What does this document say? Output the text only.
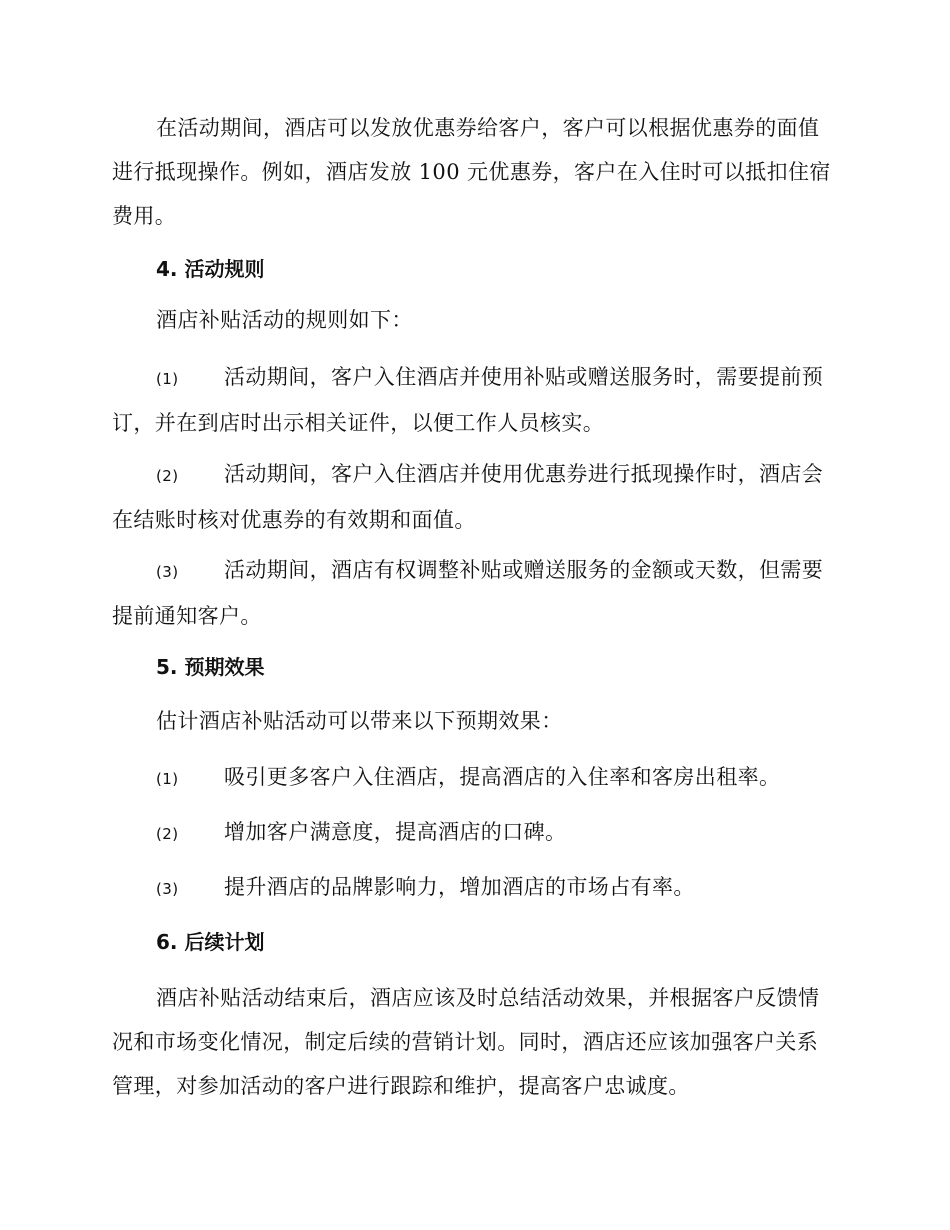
在活动期间，酒店可以发放优惠券给客户，客户可以根据优惠券的面值
进行抵现操作。例如，酒店发放 100 元优惠券，客户在入住时可以抵扣住宿
费用。
4. 活动规则
酒店补贴活动的规则如下：
(1) 活动期间，客户入住酒店并使用补贴或赠送服务时，需要提前预
订，并在到店时出示相关证件，以便工作人员核实。
(2) 活动期间，客户入住酒店并使用优惠券进行抵现操作时，酒店会
在结账时核对优惠券的有效期和面值。
(3) 活动期间，酒店有权调整补贴或赠送服务的金额或天数，但需要
提前通知客户。
5. 预期效果
估计酒店补贴活动可以带来以下预期效果：
(1) 吸引更多客户入住酒店，提高酒店的入住率和客房出租率。
(2) 增加客户满意度，提高酒店的口碑。
(3) 提升酒店的品牌影响力，增加酒店的市场占有率。
6. 后续计划
酒店补贴活动结束后，酒店应该及时总结活动效果，并根据客户反馈情
况和市场变化情况，制定后续的营销计划。同时，酒店还应该加强客户关系
管理，对参加活动的客户进行跟踪和维护，提高客户忠诚度。
